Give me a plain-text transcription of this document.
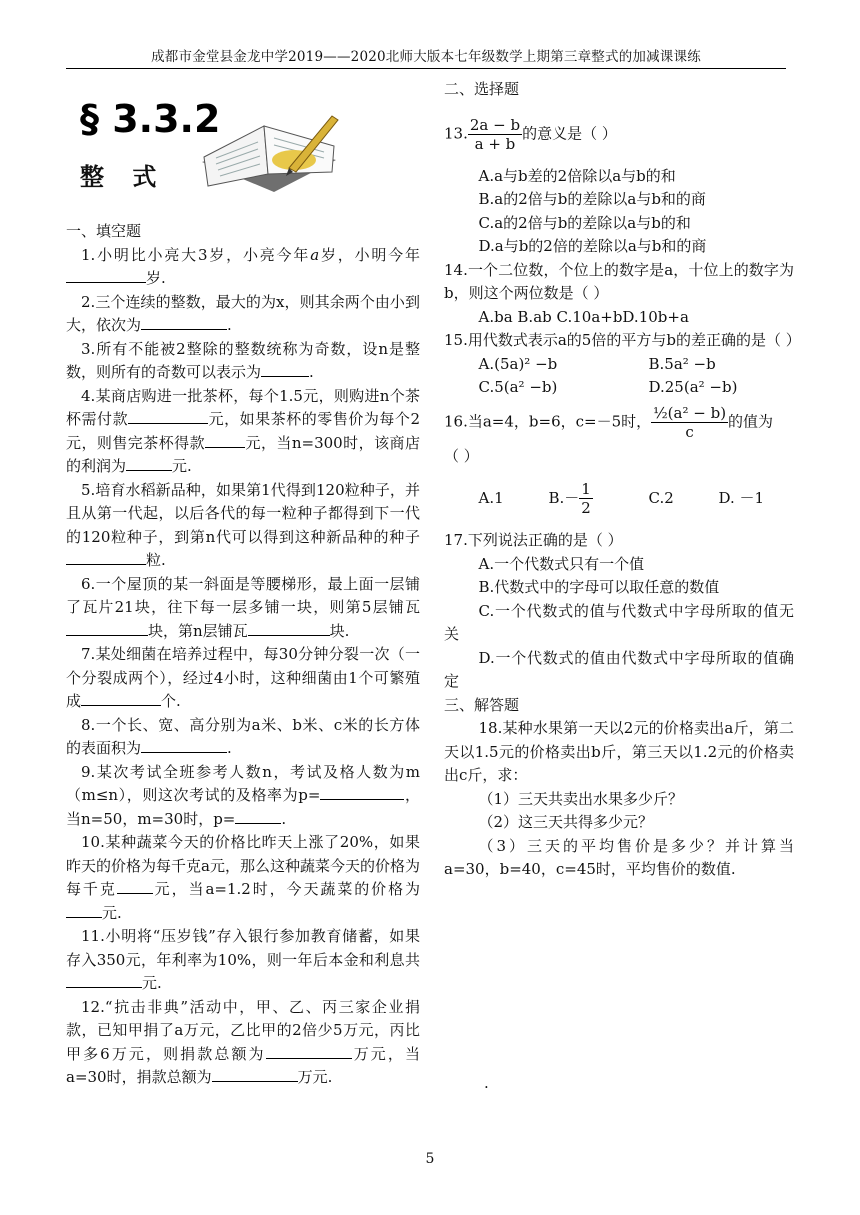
成都市金堂县金龙中学2019——2020北师大版本七年级数学上期第三章整式的加减课课练
§ 3.3.2
整 式

一、填空题

1.小明比小亮大3岁，小亮今年a岁，小明今年岁.

2.三个连续的整数，最大的为x，则其余两个由小到大，依次为	.

3.所有不能被2整除的整数统称为奇数，设n是整数，则所有的奇数可以表示为	.

4.某商店购进一批茶杯，每个1.5元，则购进n个茶杯需付款	元，如果茶杯的零售价为每个2元，则售完茶杯得款	元，当n=300时，该商店的利润为	元.

5.培育水稻新品种，如果第1代得到120粒种子，并且从第一代起，以后各代的每一粒种子都得到下一代的120粒种子，到第n代可以得到这种新品种的种子粒.

6.一个屋顶的某一斜面是等腰梯形，最上面一层铺了瓦片21块，往下每一层多铺一块，则第5层铺瓦块，第n层铺瓦	块.

7.某处细菌在培养过程中，每30分钟分裂一次（一个分裂成两个），经过4小时，这种细菌由1个可繁殖成	个.

8.一个长、宽、高分别为a米、b米、c米的长方体的表面积为	.

9.某次考试全班参考人数n，考试及格人数为m（m≤n），则这次考试的及格率为p=	，当n=50，m=30时，p=	.

10.某种蔬菜今天的价格比昨天上涨了20%，如果昨天的价格为每千克a元，那么这种蔬菜今天的价格为每千克 元，当a=1.2时，今天蔬菜的价格为元.

11.小明将“压岁钱”存入银行参加教育储蓄，如果存入350元，年利率为10%，则一年后本金和利息共元.

12.“抗击非典”活动中，甲、乙、丙三家企业捐款，已知甲捐了a万元，乙比甲的2倍少5万元，丙比甲多6万元，则捐款总额为	万元，当a=30时，捐款总额为	万元.

二、选择题

13. $\frac{2a - b}{a + b}$ 的意义是（ ）

A.a与b差的2倍除以a与b的和

B.a的2倍与b的差除以a与b和的商

C.a的2倍与b的差除以a与b的和

D.a与b的2倍的差除以a与b和的商

14.一个二位数，个位上的数字是a，十位上的数字为b，则这个两位数是（ ）

A.ba B.ab C.10a+bD.10b+a

15.用代数式表示a的5倍的平方与b的差正确的是（ ）

A.(5a)² −b	B.5a² −b

C.5(a² −b)	D.25(a² −b)

16.当a=4，b=6，c=－5时， $\frac{\text{½(a² − b)}}{c}$ 的值为

（ ）

A.1	$B.- \frac{1}{2}$	C.2	D. －1

17.下列说法正确的是（ ）

A.一个代数式只有一个值

B.代数式中的字母可以取任意的数值

C.一个代数式的值与代数式中字母所取的值无关

D.一个代数式的值由代数式中字母所取的值确定

三、解答题

18.某种水果第一天以2元的价格卖出a斤，第二天以1.5元的价格卖出b斤，第三天以1.2元的价格卖出c斤，求：

（1）三天共卖出水果多少斤？

（2）这三天共得多少元？

（3）三天的平均售价是多少？并计算当a=30，b=40，c=45时，平均售价的数值.

.

5
